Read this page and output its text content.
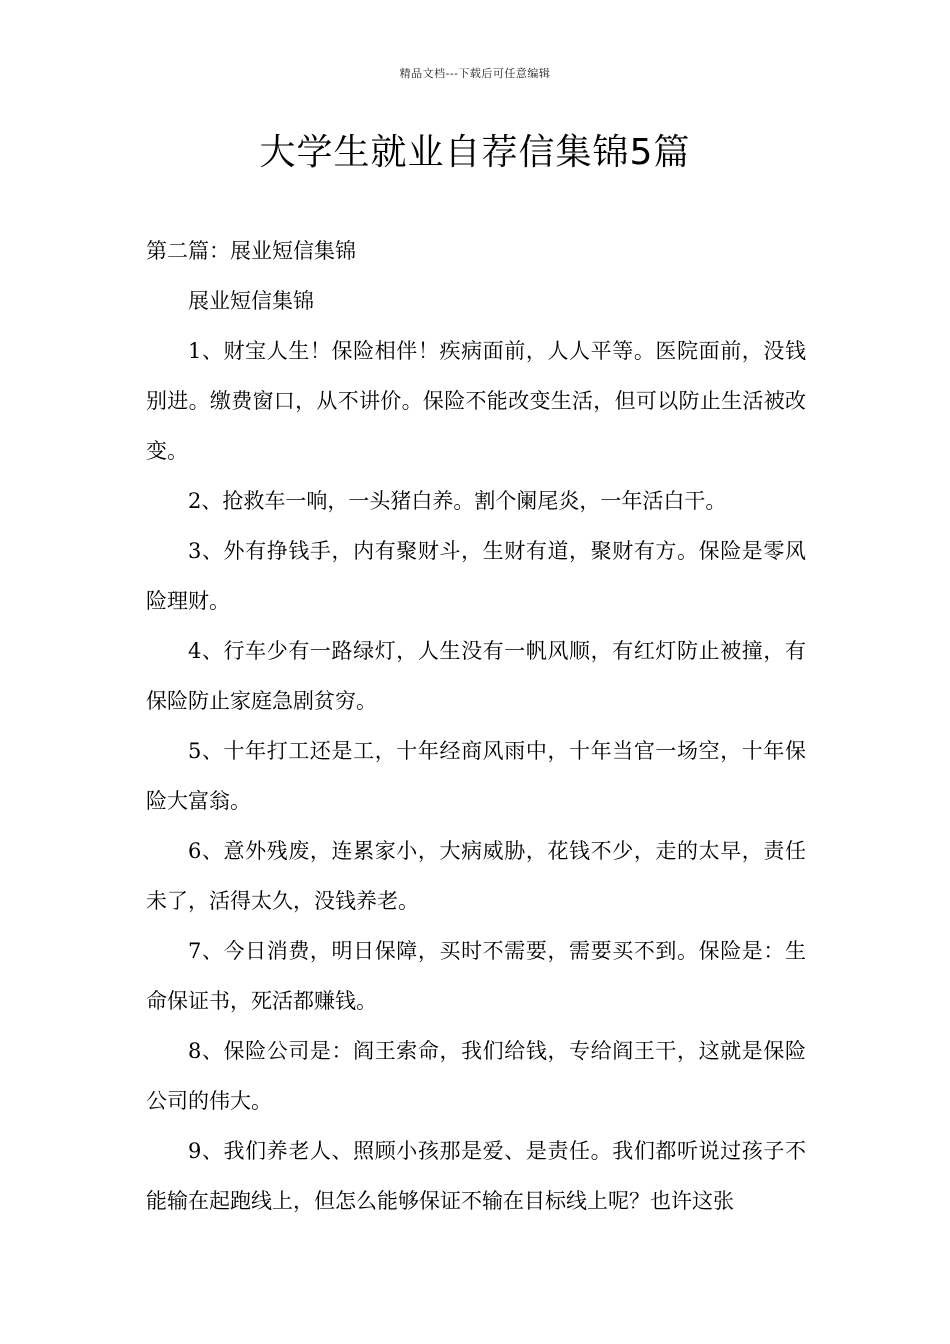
精品文档---下载后可任意编辑
大学生就业自荐信集锦5篇

第二篇：展业短信集锦

展业短信集锦

1、财宝人生！保险相伴！疾病面前，人人平等。医院面前，没钱别进。缴费窗口，从不讲价。保险不能改变生活，但可以防止生活被改变。

2、抢救车一响，一头猪白养。割个阑尾炎，一年活白干。

3、外有挣钱手，内有聚财斗，生财有道，聚财有方。保险是零风险理财。

4、行车少有一路绿灯，人生没有一帆风顺，有红灯防止被撞，有保险防止家庭急剧贫穷。

5、十年打工还是工，十年经商风雨中，十年当官一场空，十年保险大富翁。

6、意外残废，连累家小，大病威胁，花钱不少，走的太早，责任未了，活得太久，没钱养老。

7、今日消费，明日保障，买时不需要，需要买不到。保险是：生命保证书，死活都赚钱。

8、保险公司是：阎王索命，我们给钱，专给阎王干，这就是保险公司的伟大。

9、我们养老人、照顾小孩那是爱、是责任。我们都听说过孩子不能输在起跑线上，但怎么能够保证不输在目标线上呢？也许这张
